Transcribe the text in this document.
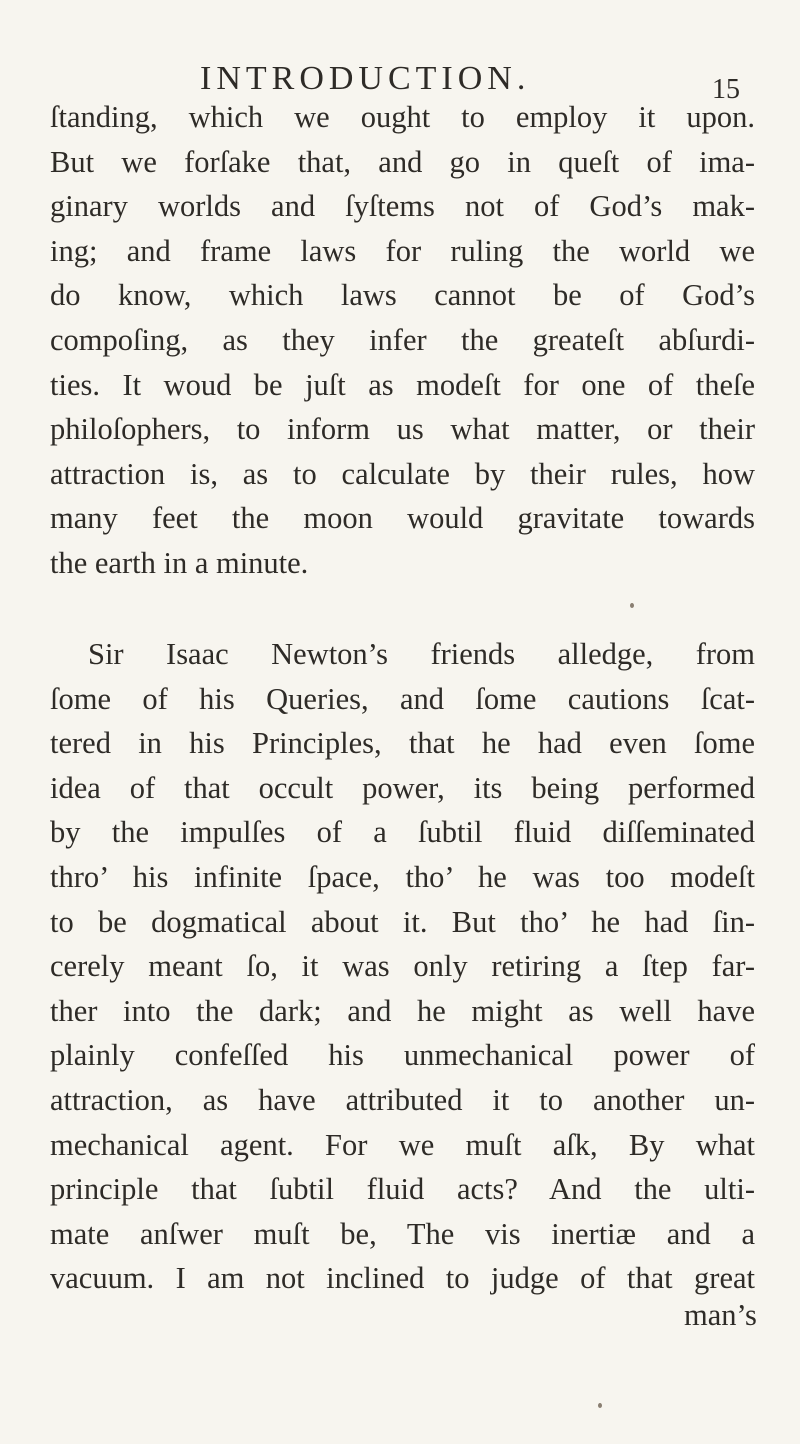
INTRODUCTION.	15
ſtanding, which we ought to employ it upon.
But we forſake that, and go in queſt of ima-
ginary worlds and ſyſtems not of God’s mak-
ing; and frame laws for ruling the world we
do know, which laws cannot be of God’s
compoſing, as they infer the greateſt abſurdi-
ties. It woud be juſt as modeſt for one of theſe
philoſophers, to inform us what matter, or their
attraction is, as to calculate by their rules, how
many feet the moon would gravitate towards
the earth in a minute.
Sir Isaac Newton’s friends alledge, from
ſome of his Queries, and ſome cautions ſcat-
tered in his Principles, that he had even ſome
idea of that occult power, its being performed
by the impulſes of a ſubtil fluid diſſeminated
thro’ his infinite ſpace, tho’ he was too modeſt
to be dogmatical about it. But tho’ he had ſin-
cerely meant ſo, it was only retiring a ſtep far-
ther into the dark; and he might as well have
plainly confeſſed his unmechanical power of
attraction, as have attributed it to another un-
mechanical agent. For we muſt aſk, By what
principle that ſubtil fluid acts? And the ulti-
mate anſwer muſt be, The vis inertiæ and a
vacuum. I am not inclined to judge of that great
man’s
